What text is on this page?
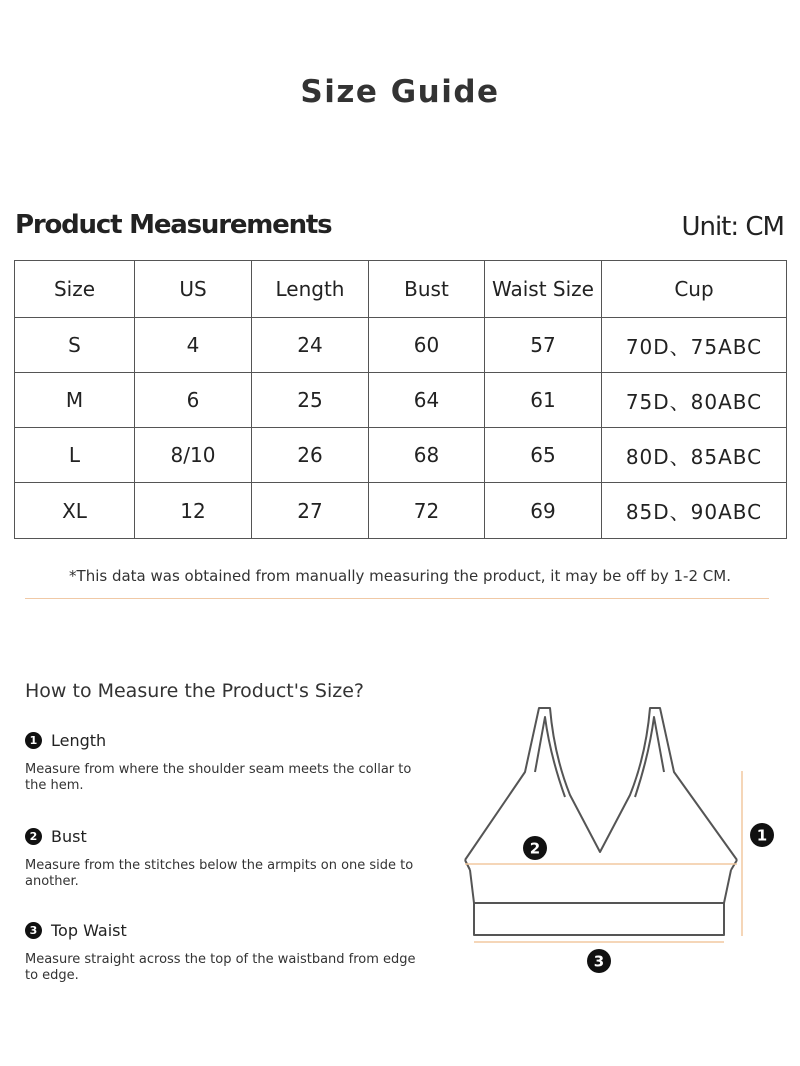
Size Guide
Product Measurements	Unit: CM
Size	US	Length	Bust	Waist Size	Cup
S	4	24	60	57	70D、75ABC
M	6	25	64	61	75D、80ABC
L	8/10	26	68	65	80D、85ABC
XL	12	27	72	69	85D、90ABC
*This data was obtained from manually measuring the product, it may be off by 1-2 CM.
How to Measure the Product's Size?
1 Length
Measure from where the shoulder seam meets the collar to the hem.
2 Bust
Measure from the stitches below the armpits on one side to another.
3 Top Waist
Measure straight across the top of the waistband from edge to edge.
1
2
3
